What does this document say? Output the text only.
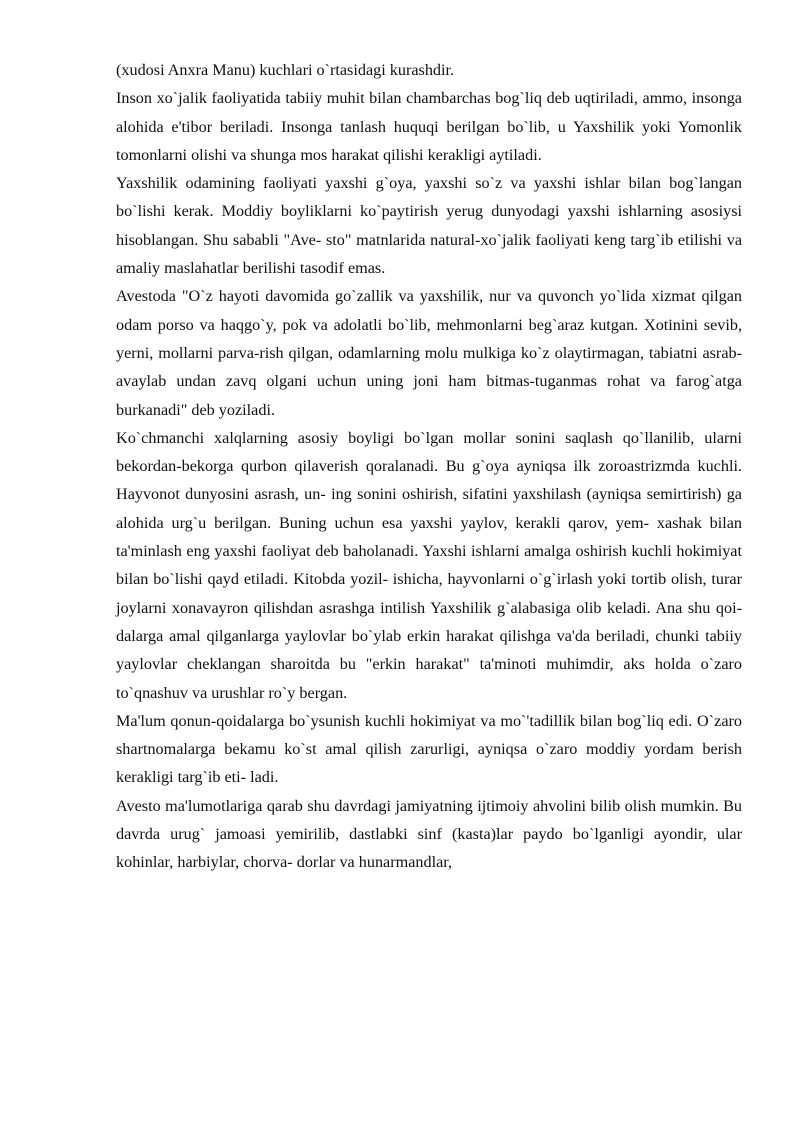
(xudosi Anxra Manu) kuchlari o`rtasidagi kurashdir.

Inson xo`jalik faoliyatida tabiiy muhit bilan chambarchas bog`liq deb uqtiriladi, ammo, insonga alohida e'tibor beriladi. Insonga tanlash huquqi berilgan bo`lib, u Yaxshilik yoki Yomonlik tomonlarni olishi va shunga mos harakat qilishi kerakligi aytiladi.

Yaxshilik odamining faoliyati yaxshi g`oya, yaxshi so`z va yaxshi ishlar bilan bog`langan bo`lishi kerak. Moddiy boyliklarni ko`paytirish yerug dunyodagi yaxshi ishlarning asosiysi hisoblangan. Shu sababli "Ave- sto" matnlarida natural-xo`jalik faoliyati keng targ`ib etilishi va amaliy maslahatlar berilishi tasodif emas.

Avestoda "O`z hayoti davomida go`zallik va yaxshilik, nur va quvonch yo`lida xizmat qilgan odam porso va haqgo`y, pok va adolatli bo`lib, mehmonlarni beg`araz kutgan. Xotinini sevib, yerni, mollarni parva-rish qilgan, odamlarning molu mulkiga ko`z olaytirmagan, tabiatni asrab-avaylab undan zavq olgani uchun uning joni ham bitmas-tuganmas rohat va farog`atga burkanadi" deb yoziladi.

Ko`chmanchi xalqlarning asosiy boyligi bo`lgan mollar sonini saqlash qo`llanilib, ularni bekordan-bekorga qurbon qilaverish qoralanadi. Bu g`oya ayniqsa ilk zoroastrizmda kuchli. Hayvonot dunyosini asrash, un- ing sonini oshirish, sifatini yaxshilash (ayniqsa semirtirish) ga alohida urg`u berilgan. Buning uchun esa yaxshi yaylov, kerakli qarov, yem- xashak bilan ta'minlash eng yaxshi faoliyat deb baholanadi. Yaxshi ishlarni amalga oshirish kuchli hokimiyat bilan bo`lishi qayd etiladi. Kitobda yozil- ishicha, hayvonlarni o`g`irlash yoki tortib olish, turar joylarni xonavayron qilishdan asrashga intilish Yaxshilik g`alabasiga olib keladi. Ana shu qoi- dalarga amal qilganlarga yaylovlar bo`ylab erkin harakat qilishga va'da beriladi, chunki tabiiy yaylovlar cheklangan sharoitda bu "erkin harakat" ta'minoti muhimdir, aks holda o`zaro to`qnashuv va urushlar ro`y bergan.

Ma'lum qonun-qoidalarga bo`ysunish kuchli hokimiyat va mo`'tadillik bilan bog`liq edi. O`zaro shartnomalarga bekamu ko`st amal qilish zarurligi, ayniqsa o`zaro moddiy yordam berish kerakligi targ`ib eti- ladi.

Avesto ma'lumotlariga qarab shu davrdagi jamiyatning ijtimoiy ahvolini bilib olish mumkin. Bu davrda urug` jamoasi yemirilib, dastlabki sinf (kasta)lar paydo bo`lganligi ayondir, ular kohinlar, harbiylar, chorva- dorlar va hunarmandlar,
